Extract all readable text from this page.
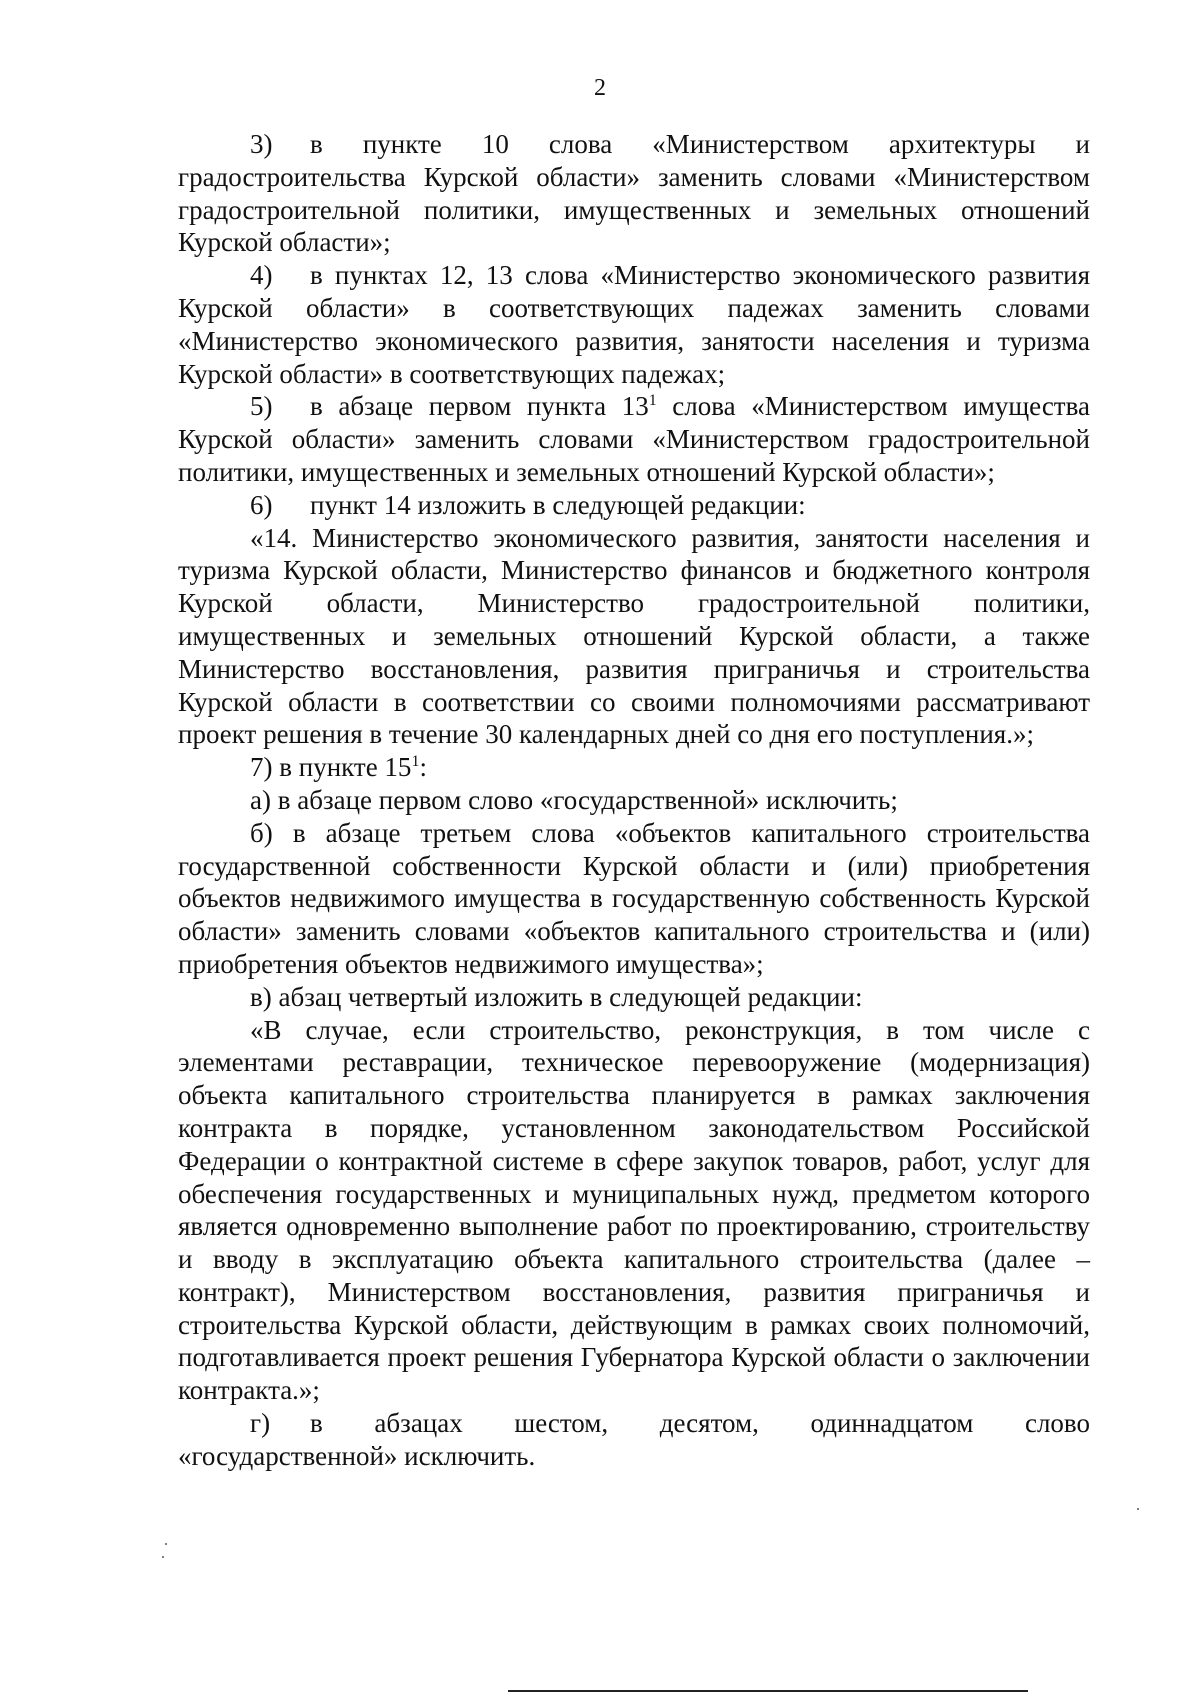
2

3) в пункте 10 слова «Министерством архитектуры и градостроительства Курской области» заменить словами «Министерством градостроительной политики, имущественных и земельных отношений Курской области»;

4) в пунктах 12, 13 слова «Министерство экономического развития Курской области» в соответствующих падежах заменить словами «Министерство экономического развития, занятости населения и туризма Курской области» в соответствующих падежах;

5) в абзаце первом пункта $13^1$ слова «Министерством имущества Курской области» заменить словами «Министерством градостроительной политики, имущественных и земельных отношений Курской области»;

6) пункт 14 изложить в следующей редакции:

«14. Министерство экономического развития, занятости населения и туризма Курской области, Министерство финансов и бюджетного контроля Курской области, Министерство градостроительной политики, имущественных и земельных отношений Курской области, а также Министерство восстановления, развития приграничья и строительства Курской области в соответствии со своими полномочиями рассматривают проект решения в течение 30 календарных дней со дня его поступления.»;

7) в пункте $15^1$:

а) в абзаце первом слово «государственной» исключить;

б) в абзаце третьем слова «объектов капитального строительства государственной собственности Курской области и (или) приобретения объектов недвижимого имущества в государственную собственность Курской области» заменить словами «объектов капитального строительства и (или) приобретения объектов недвижимого имущества»;

в) абзац четвертый изложить в следующей редакции:

«В случае, если строительство, реконструкция, в том числе с элементами реставрации, техническое перевооружение (модернизация) объекта капитального строительства планируется в рамках заключения контракта в порядке, установленном законодательством Российской Федерации о контрактной системе в сфере закупок товаров, работ, услуг для обеспечения государственных и муниципальных нужд, предметом которого является одновременно выполнение работ по проектированию, строительству и вводу в эксплуатацию объекта капитального строительства (далее – контракт), Министерством восстановления, развития приграничья и строительства Курской области, действующим в рамках своих полномочий, подготавливается проект решения Губернатора Курской области о заключении контракта.»;

г) в абзацах шестом, десятом, одиннадцатом слово «государственной» исключить.
